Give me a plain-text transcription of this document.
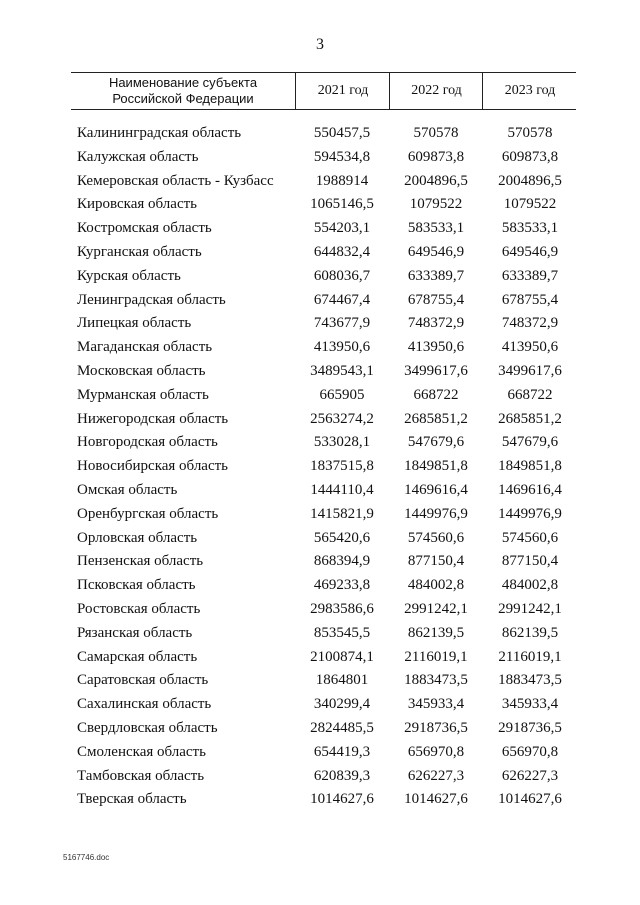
3
Наименование субъекта
Российской Федерации
2021 год	2022 год	2023 год
Калининградская область	550457,5	570578	570578
Калужская область	594534,8	609873,8	609873,8
Кемеровская область - Кузбасс	1988914	2004896,5	2004896,5
Кировская область	1065146,5	1079522	1079522
Костромская область	554203,1	583533,1	583533,1
Курганская область	644832,4	649546,9	649546,9
Курская область	608036,7	633389,7	633389,7
Ленинградская область	674467,4	678755,4	678755,4
Липецкая область	743677,9	748372,9	748372,9
Магаданская область	413950,6	413950,6	413950,6
Московская область	3489543,1	3499617,6	3499617,6
Мурманская область	665905	668722	668722
Нижегородская область	2563274,2	2685851,2	2685851,2
Новгородская область	533028,1	547679,6	547679,6
Новосибирская область	1837515,8	1849851,8	1849851,8
Омская область	1444110,4	1469616,4	1469616,4
Оренбургская область	1415821,9	1449976,9	1449976,9
Орловская область	565420,6	574560,6	574560,6
Пензенская область	868394,9	877150,4	877150,4
Псковская область	469233,8	484002,8	484002,8
Ростовская область	2983586,6	2991242,1	2991242,1
Рязанская область	853545,5	862139,5	862139,5
Самарская область	2100874,1	2116019,1	2116019,1
Саратовская область	1864801	1883473,5	1883473,5
Сахалинская область	340299,4	345933,4	345933,4
Свердловская область	2824485,5	2918736,5	2918736,5
Смоленская область	654419,3	656970,8	656970,8
Тамбовская область	620839,3	626227,3	626227,3
Тверская область	1014627,6	1014627,6	1014627,6
5167746.doc
